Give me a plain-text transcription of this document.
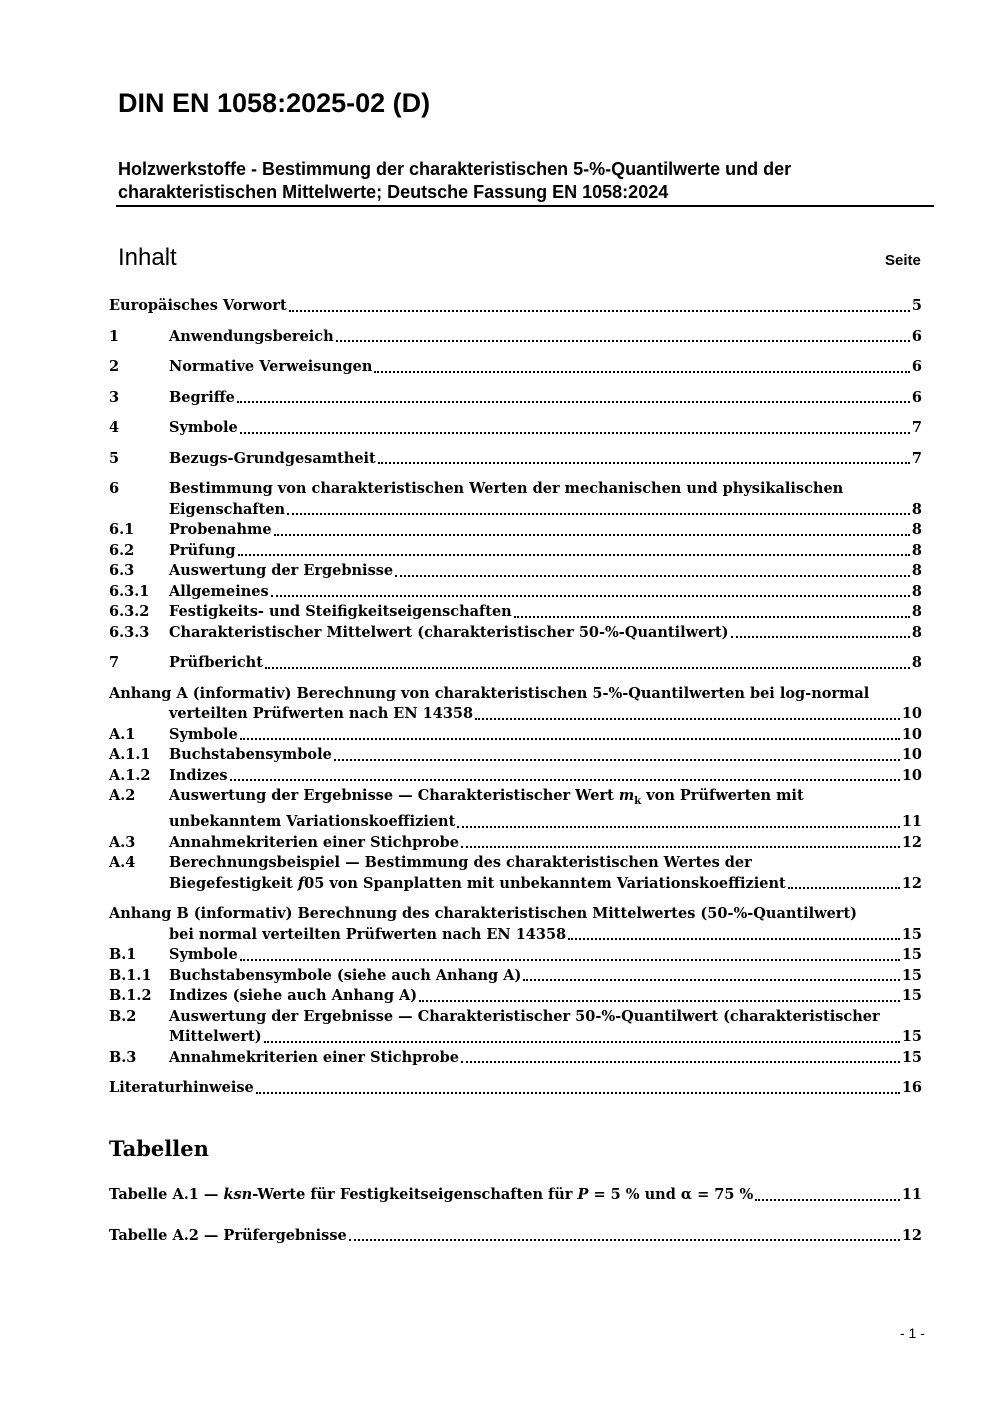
DIN EN 1058:2025-02 (D)
Holzwerkstoffe - Bestimmung der charakteristischen 5-%-Quantilwerte und der
charakteristischen Mittelwerte; Deutsche Fassung EN 1058:2024
Inhalt	Seite
Europäisches Vorwort	5
1	Anwendungsbereich	6
2	Normative Verweisungen	6
3	Begriffe	6
4	Symbole	7
5	Bezugs-Grundgesamtheit	7
6	Bestimmung von charakteristischen Werten der mechanischen und physikalischen
Eigenschaften	8
6.1	Probenahme	8
6.2	Prüfung	8
6.3	Auswertung der Ergebnisse	8
6.3.1	Allgemeines	8
6.3.2	Festigkeits- und Steifigkeitseigenschaften	8
6.3.3	Charakteristischer Mittelwert (charakteristischer 50-%-Quantilwert)	8
7	Prüfbericht	8
Anhang A (informativ) Berechnung von charakteristischen 5-%-Quantilwerten bei log-normal
verteilten Prüfwerten nach EN 14358	10
A.1	Symbole	10
A.1.1	Buchstabensymbole	10
A.1.2	Indizes	10
A.2	Auswertung der Ergebnisse — Charakteristischer Wert $m_k$ von Prüfwerten mit
unbekanntem Variationskoeffizient	11
A.3	Annahmekriterien einer Stichprobe	12
A.4	Berechnungsbeispiel — Bestimmung des charakteristischen Wertes der
Biegefestigkeit f05 von Spanplatten mit unbekanntem Variationskoeffizient	12
Anhang B (informativ) Berechnung des charakteristischen Mittelwertes (50-%-Quantilwert)
bei normal verteilten Prüfwerten nach EN 14358	15
B.1	Symbole	15
B.1.1	Buchstabensymbole (siehe auch Anhang A)	15
B.1.2	Indizes (siehe auch Anhang A)	15
B.2	Auswertung der Ergebnisse — Charakteristischer 50-%-Quantilwert (charakteristischer
Mittelwert)	15
B.3	Annahmekriterien einer Stichprobe	15
Literaturhinweise	16
Tabellen
Tabelle A.1 — ksn-Werte für Festigkeitseigenschaften für P = 5 % und α = 75 %	11
Tabelle A.2 — Prüfergebnisse	12
- 1 -
